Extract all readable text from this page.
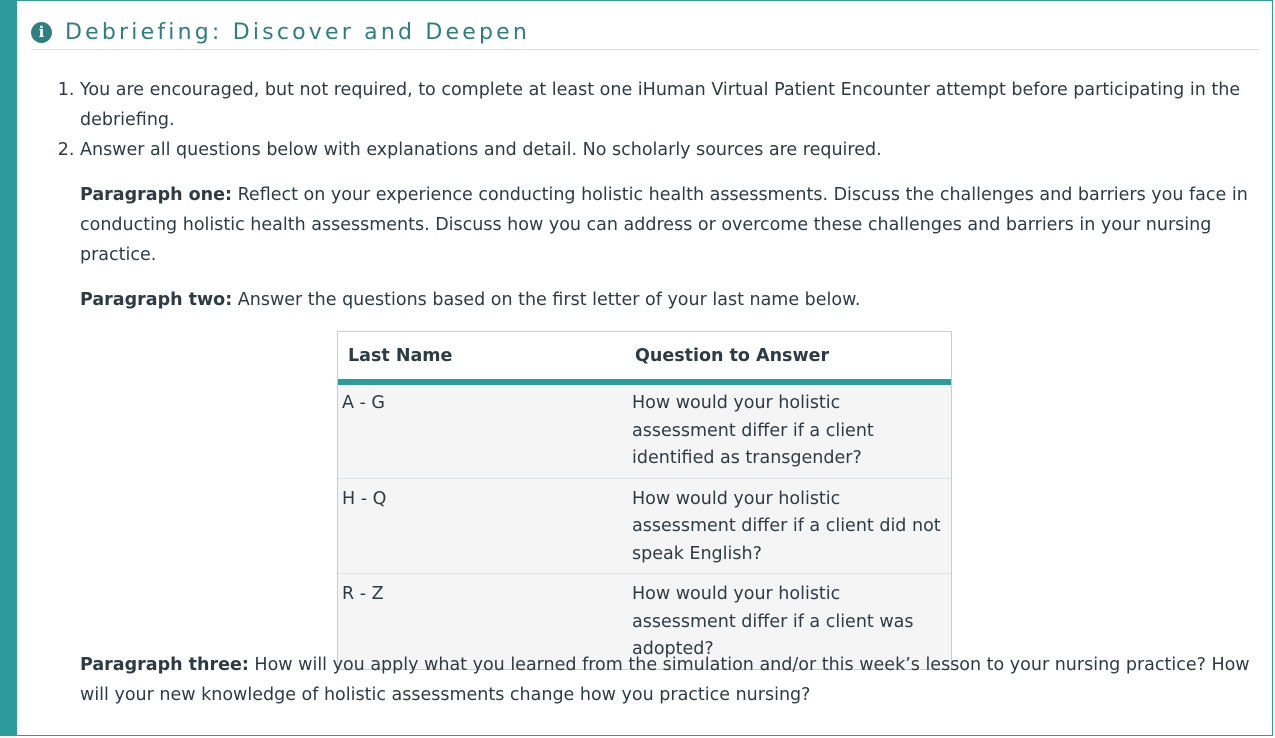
i Debriefing: Discover and Deepen
1. You are encouraged, but not required, to complete at least one iHuman Virtual Patient Encounter attempt before participating in the debriefing.
2. Answer all questions below with explanations and detail. No scholarly sources are required.

Paragraph one: Reflect on your experience conducting holistic health assessments. Discuss the challenges and barriers you face in conducting holistic health assessments. Discuss how you can address or overcome these challenges and barriers in your nursing practice.

Paragraph two: Answer the questions based on the first letter of your last name below.

Last Name	Question to Answer
A - G	How would your holistic assessment differ if a client identified as transgender?
H - Q	How would your holistic assessment differ if a client did not speak English?
R - Z	How would your holistic assessment differ if a client was adopted?

Paragraph three: How will you apply what you learned from the simulation and/or this week’s lesson to your nursing practice? How will your new knowledge of holistic assessments change how you practice nursing?
